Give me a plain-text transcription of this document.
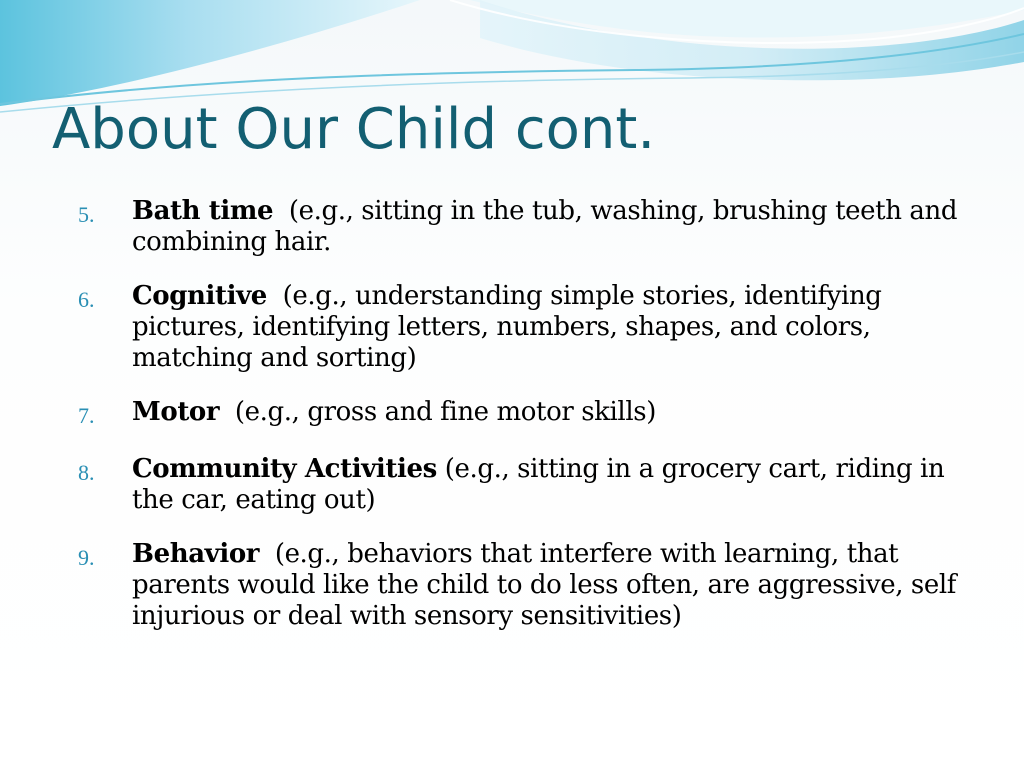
About Our Child cont.
5.	Bath time (e.g., sitting in the tub, washing, brushing teeth and combining hair.
6.	Cognitive (e.g., understanding simple stories, identifying pictures, identifying letters, numbers, shapes, and colors, matching and sorting)
7.	Motor (e.g., gross and fine motor skills)
8.	Community Activities (e.g., sitting in a grocery cart, riding in the car, eating out)
9.	Behavior (e.g., behaviors that interfere with learning, that parents would like the child to do less often, are aggressive, self injurious or deal with sensory sensitivities)
